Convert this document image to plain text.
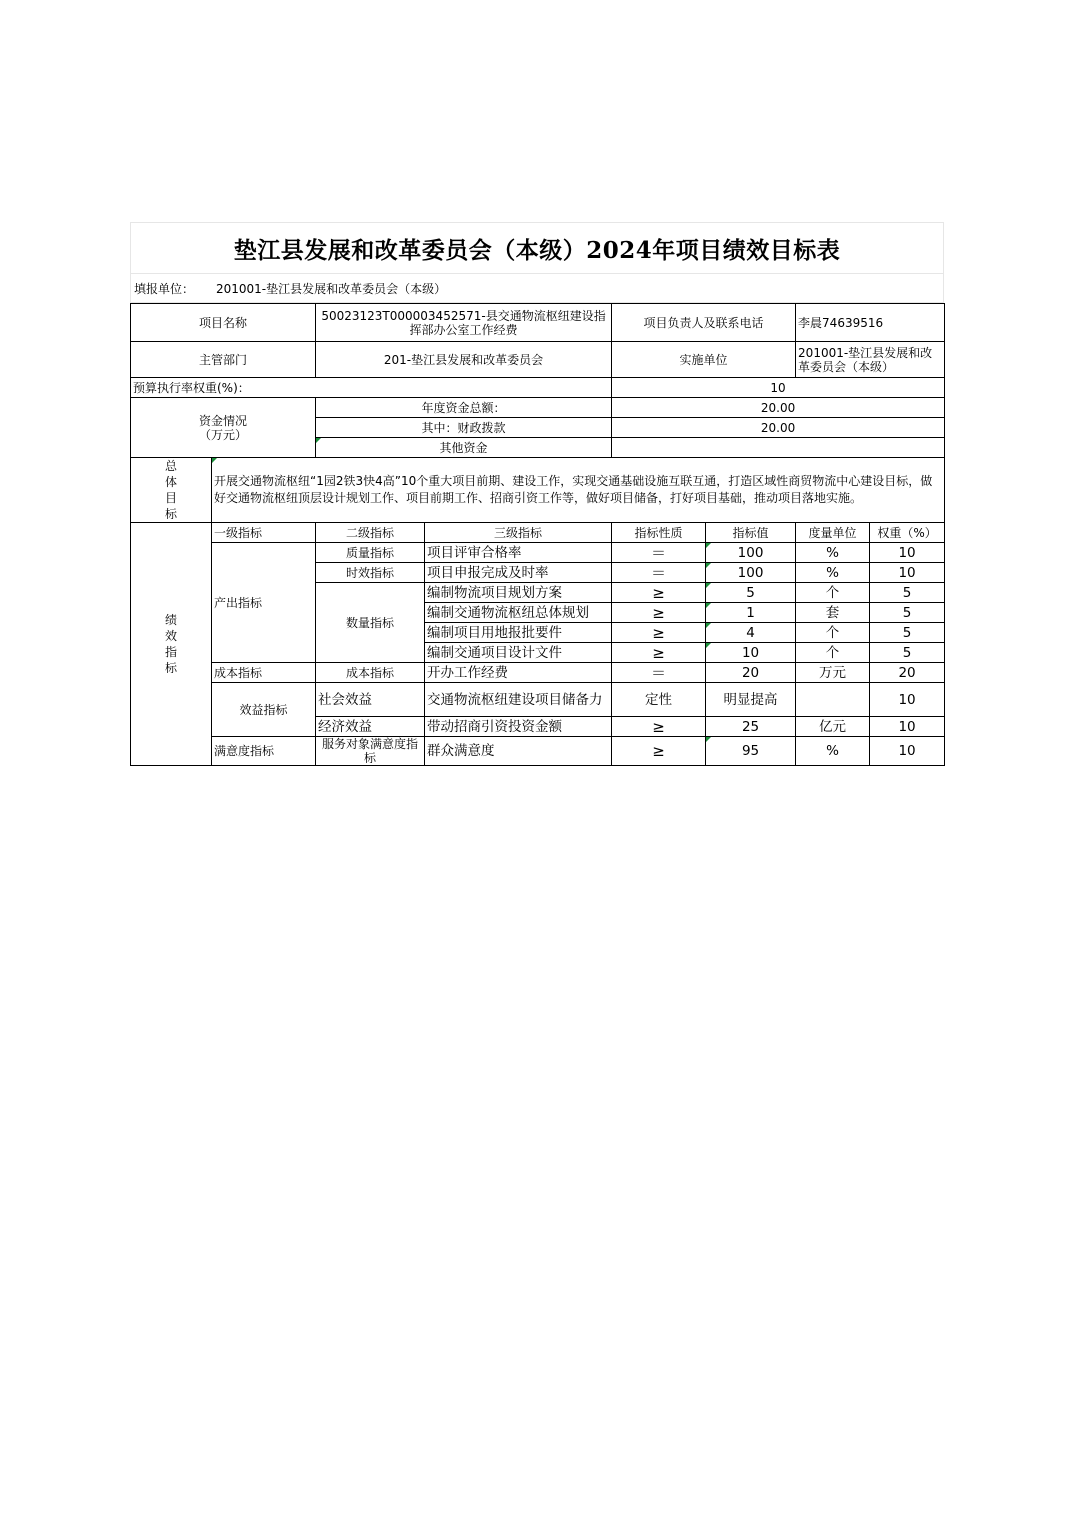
垫江县发展和改革委员会（本级）2024年项目绩效目标表
填报单位：	201001-垫江县发展和改革委员会（本级）
项目名称		50023123T000003452571-县交通物流枢纽建设指挥部办公室工作经费		项目负责人及联系电话		李晨74639516	
主管部门		201-垫江县发展和改革委员会		实施单位		201001-垫江县发展和改革委员会（本级）	
预算执行率权重(%)：				10			
资金情况
（万元）		年度资金总额：		20.00			
		其中：财政拨款		20.00			
		其他资金					
总
体
目
标	开展交通物流枢纽“1园2铁3快4高”10个重大项目前期、建设工作，实现交通基础设施互联互通，打造区域性商贸物流中心建设目标，做好交通物流枢纽顶层设计规划工作、项目前期工作、招商引资工作等，做好项目储备，打好项目基础，推动项目落地实施。						
绩
效
指
标	一级指标	二级指标	三级指标	指标性质	指标值	度量单位	权重（%）
	产出指标	质量指标	项目评审合格率	＝	100	%	10
		时效指标	项目申报完成及时率	＝	100	%	10
		数量指标	编制物流项目规划方案	≥	5	个	5
			编制交通物流枢纽总体规划	≥	1	套	5
			编制项目用地报批要件	≥	4	个	5
			编制交通项目设计文件	≥	10	个	5
	成本指标	成本指标	开办工作经费	＝	20	万元	20
	效益指标	社会效益	交通物流枢纽建设项目储备力	定性	明显提高		10
		经济效益	带动招商引资投资金额	≥	25	亿元	10
	满意度指标	服务对象满意度指标	群众满意度	≥	95	%	10
